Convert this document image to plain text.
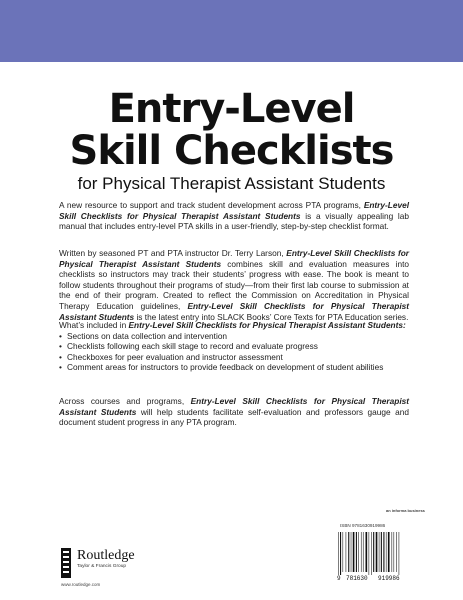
Entry-Level
Skill Checklists
for Physical Therapist Assistant Students
A new resource to support and track student development across PTA programs, Entry-Level Skill Checklists for Physical Therapist Assistant Students is a visually appealing lab manual that includes entry-level PTA skills in a user-friendly, step-by-step checklist format.
Written by seasoned PT and PTA instructor Dr. Terry Larson, Entry-Level Skill Checklists for Physical Therapist Assistant Students combines skill and evaluation measures into checklists so instructors may track their students’ progress with ease. The book is meant to follow students throughout their programs of study—from their first lab course to submission at the end of their program. Created to reflect the Commission on Accreditation in Physical Therapy Education guidelines, Entry-Level Skill Checklists for Physical Therapist Assistant Students is the latest entry into SLACK Books’ Core Texts for PTA Education series.
What’s included in Entry-Level Skill Checklists for Physical Therapist Assistant Students:
• Sections on data collection and intervention
• Checklists following each skill stage to record and evaluate progress
• Checkboxes for peer evaluation and instructor assessment
• Comment areas for instructors to provide feedback on development of student abilities
Across courses and programs, Entry-Level Skill Checklists for Physical Therapist Assistant Students will help students facilitate self-evaluation and professors gauge and document student progress in any PTA program.
an informa business
Routledge
Taylor & Francis Group
www.routledge.com
ISBN 9781630919986
9 781630 919986
